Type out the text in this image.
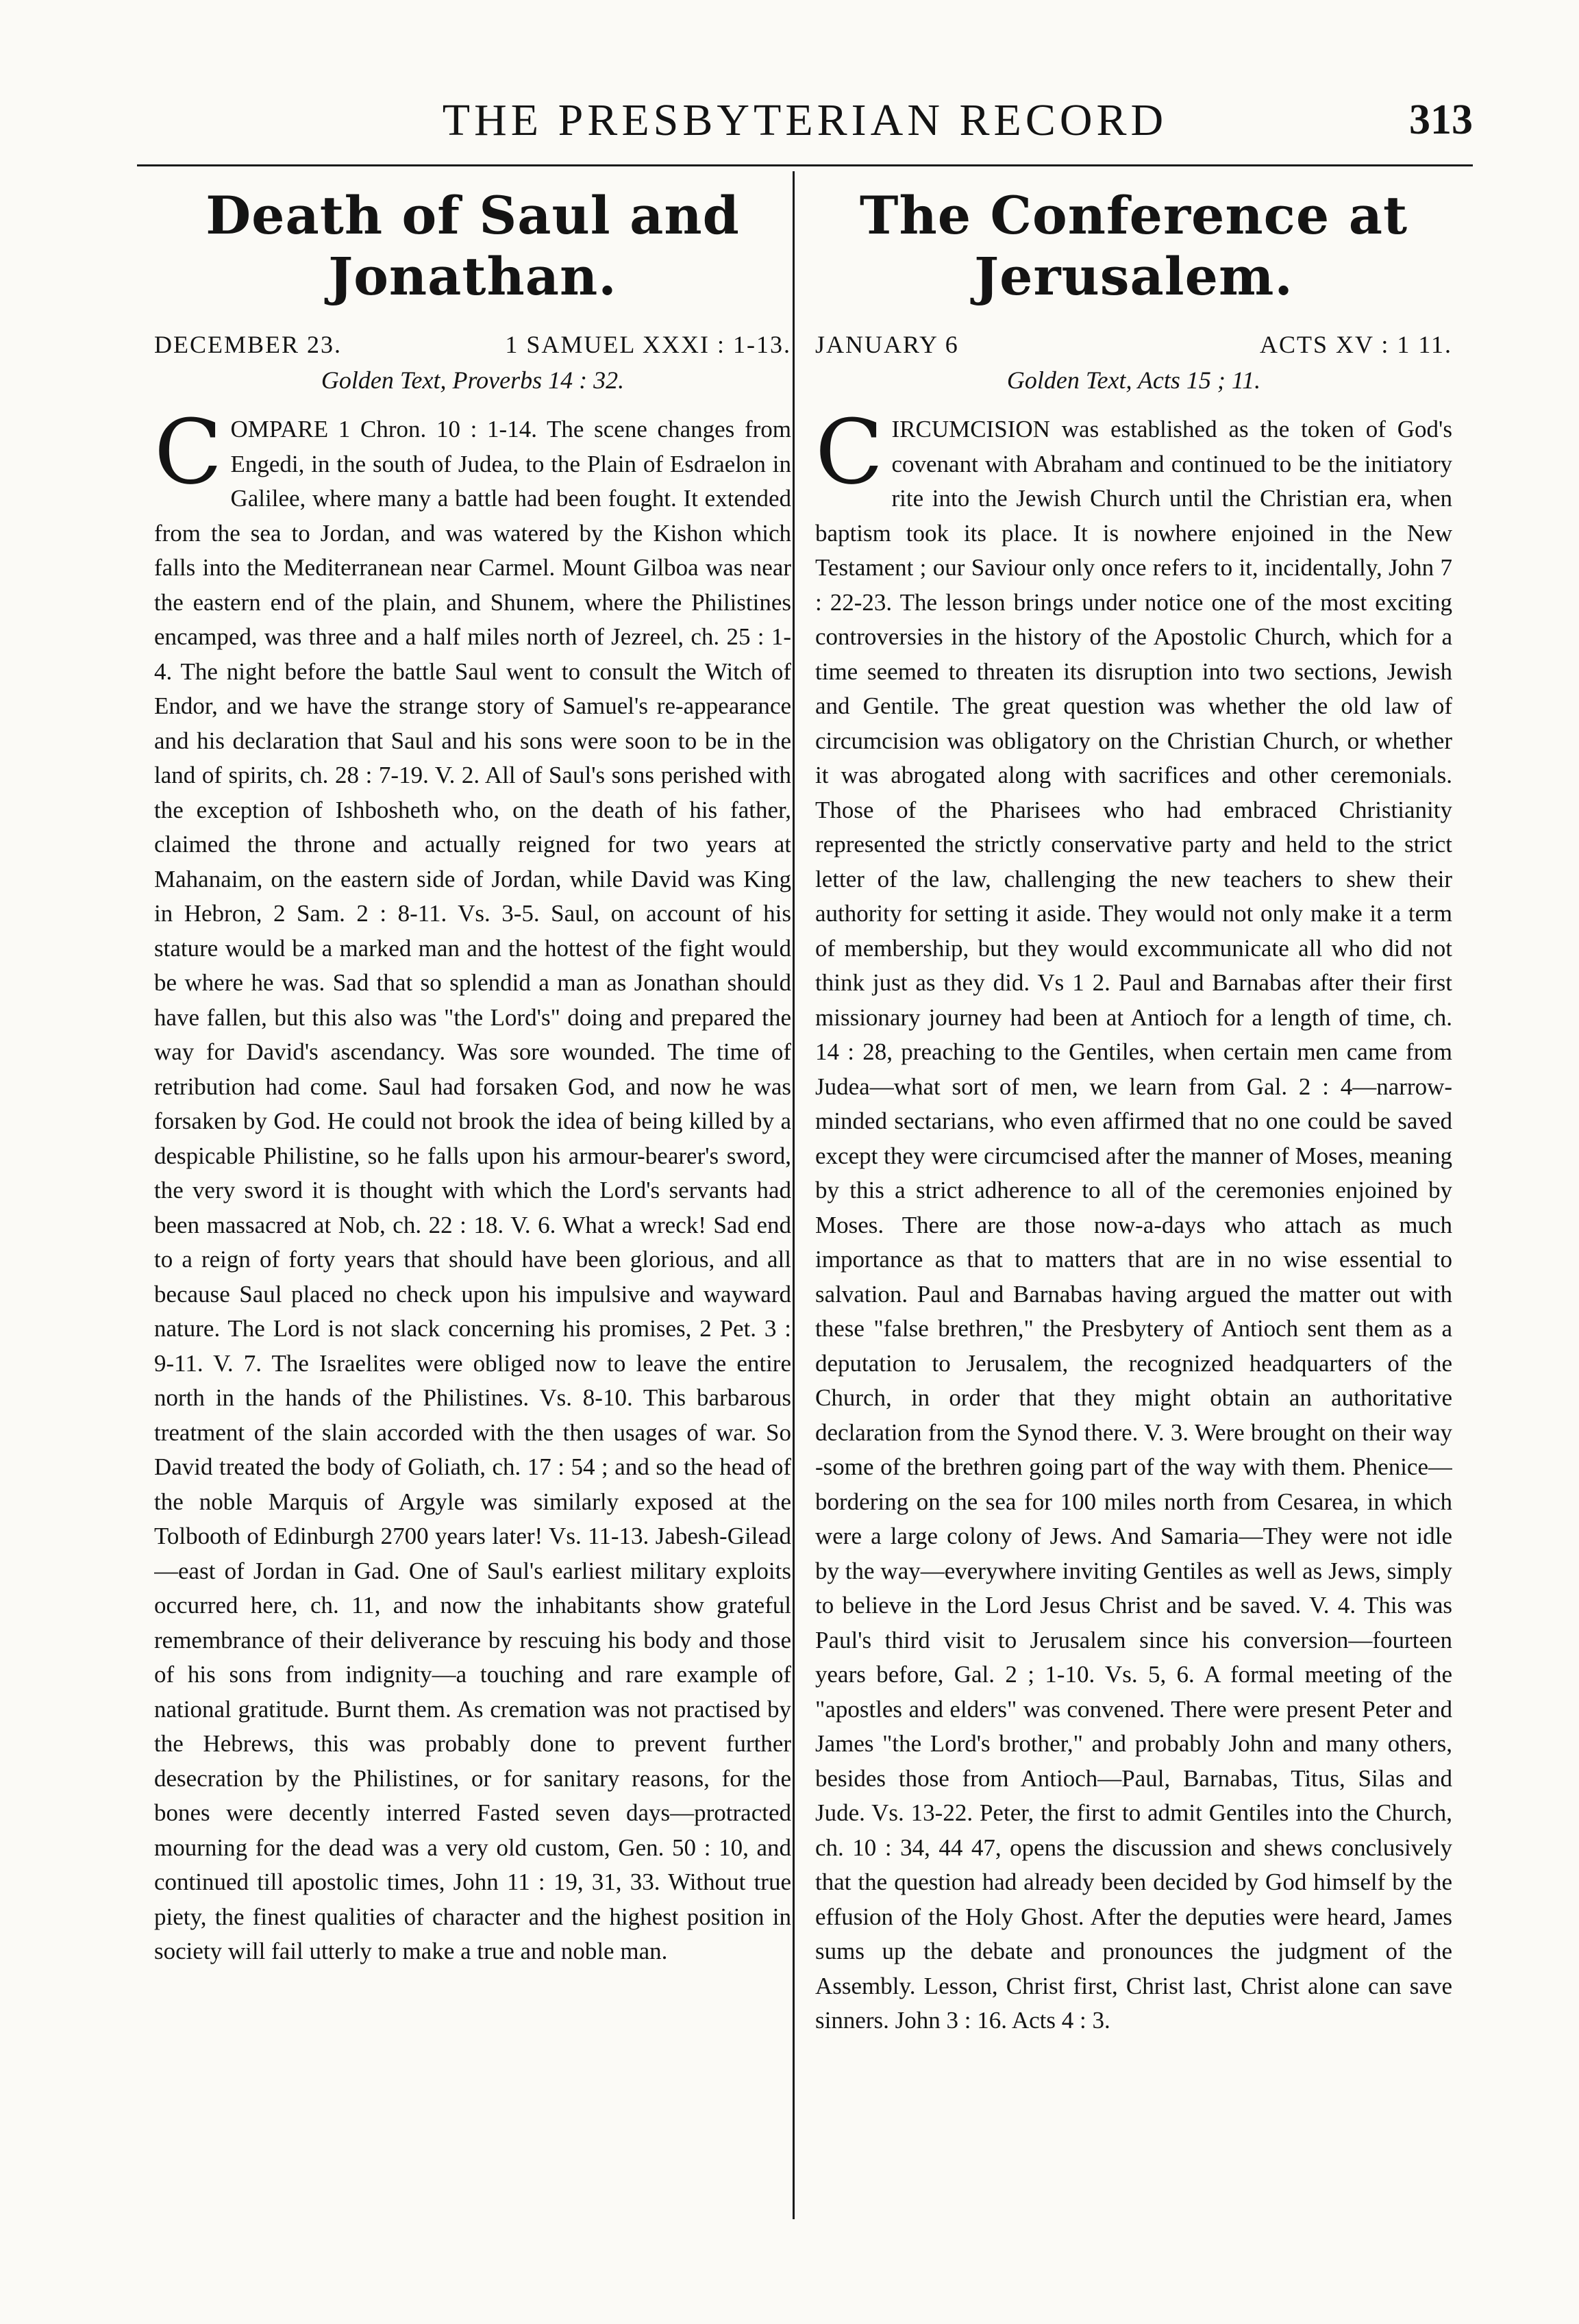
THE PRESBYTERIAN RECORD	313
Death of Saul and Jonathan.
DECEMBER 23.	1 SAMUEL XXXI : 1-13.
Golden Text, Proverbs 14 : 32.
C OMPARE 1 Chron. 10 : 1-14. The scene changes from Engedi, in the south of Judea, to the Plain of Esdraelon in Galilee, where many a battle had been fought. It extended from the sea to Jordan, and was watered by the Kishon which falls into the Mediterranean near Carmel. Mount Gilboa was near the eastern end of the plain, and Shunem, where the Philistines encamped, was three and a half miles north of Jezreel, ch. 25 : 1-4. The night before the battle Saul went to consult the Witch of Endor, and we have the strange story of Samuel's re-appearance and his declaration that Saul and his sons were soon to be in the land of spirits, ch. 28 : 7-19. V. 2. All of Saul's sons perished with the exception of Ishbosheth who, on the death of his father, claimed the throne and actually reigned for two years at Mahanaim, on the eastern side of Jordan, while David was King in Hebron, 2 Sam. 2 : 8-11. Vs. 3-5. Saul, on account of his stature would be a marked man and the hottest of the fight would be where he was. Sad that so splendid a man as Jonathan should have fallen, but this also was "the Lord's" doing and prepared the way for David's ascendancy. Was sore wounded. The time of retribution had come. Saul had forsaken God, and now he was forsaken by God. He could not brook the idea of being killed by a despicable Philistine, so he falls upon his armour-bearer's sword, the very sword it is thought with which the Lord's servants had been massacred at Nob, ch. 22 : 18. V. 6. What a wreck! Sad end to a reign of forty years that should have been glorious, and all because Saul placed no check upon his impulsive and wayward nature. The Lord is not slack concerning his promises, 2 Pet. 3 : 9-11. V. 7. The Israelites were obliged now to leave the entire north in the hands of the Philistines. Vs. 8-10. This barbarous treatment of the slain accorded with the then usages of war. So David treated the body of Goliath, ch. 17 : 54 ; and so the head of the noble Marquis of Argyle was similarly exposed at the Tolbooth of Edinburgh 2700 years later! Vs. 11-13. Jabesh-Gilead —east of Jordan in Gad. One of Saul's earliest military exploits occurred here, ch. 11, and now the inhabitants show grateful remembrance of their deliverance by rescuing his body and those of his sons from indignity—a touching and rare example of national gratitude. Burnt them. As cremation was not practised by the Hebrews, this was probably done to prevent further desecration by the Philistines, or for sanitary reasons, for the bones were decently interred Fasted seven days—protracted mourning for the dead was a very old custom, Gen. 50 : 10, and continued till apostolic times, John 11 : 19, 31, 33. Without true piety, the finest qualities of character and the highest position in society will fail utterly to make a true and noble man.
The Conference at Jerusalem.
JANUARY 6	ACTS XV : 1 11.
Golden Text, Acts 15 ; 11.
C IRCUMCISION was established as the token of God's covenant with Abraham and continued to be the initiatory rite into the Jewish Church until the Christian era, when baptism took its place. It is nowhere enjoined in the New Testament ; our Saviour only once refers to it, incidentally, John 7 : 22-23. The lesson brings under notice one of the most exciting controversies in the history of the Apostolic Church, which for a time seemed to threaten its disruption into two sections, Jewish and Gentile. The great question was whether the old law of circumcision was obligatory on the Christian Church, or whether it was abrogated along with sacrifices and other ceremonials. Those of the Pharisees who had embraced Christianity represented the strictly conservative party and held to the strict letter of the law, challenging the new teachers to shew their authority for setting it aside. They would not only make it a term of membership, but they would excommunicate all who did not think just as they did. Vs 1 2. Paul and Barnabas after their first missionary journey had been at Antioch for a length of time, ch. 14 : 28, preaching to the Gentiles, when certain men came from Judea—what sort of men, we learn from Gal. 2 : 4—narrow-minded sectarians, who even affirmed that no one could be saved except they were circumcised after the manner of Moses, meaning by this a strict adherence to all of the ceremonies enjoined by Moses. There are those now-a-days who attach as much importance as that to matters that are in no wise essential to salvation. Paul and Barnabas having argued the matter out with these "false brethren," the Presbytery of Antioch sent them as a deputation to Jerusalem, the recognized headquarters of the Church, in order that they might obtain an authoritative declaration from the Synod there. V. 3. Were brought on their way -some of the brethren going part of the way with them. Phenice—bordering on the sea for 100 miles north from Cesarea, in which were a large colony of Jews. And Samaria—They were not idle by the way—everywhere inviting Gentiles as well as Jews, simply to believe in the Lord Jesus Christ and be saved. V. 4. This was Paul's third visit to Jerusalem since his conversion—fourteen years before, Gal. 2 ; 1-10. Vs. 5, 6. A formal meeting of the "apostles and elders" was convened. There were present Peter and James "the Lord's brother," and probably John and many others, besides those from Antioch—Paul, Barnabas, Titus, Silas and Jude. Vs. 13-22. Peter, the first to admit Gentiles into the Church, ch. 10 : 34, 44 47, opens the discussion and shews conclusively that the question had already been decided by God himself by the effusion of the Holy Ghost. After the deputies were heard, James sums up the debate and pronounces the judgment of the Assembly. Lesson, Christ first, Christ last, Christ alone can save sinners. John 3 : 16. Acts 4 : 3.
